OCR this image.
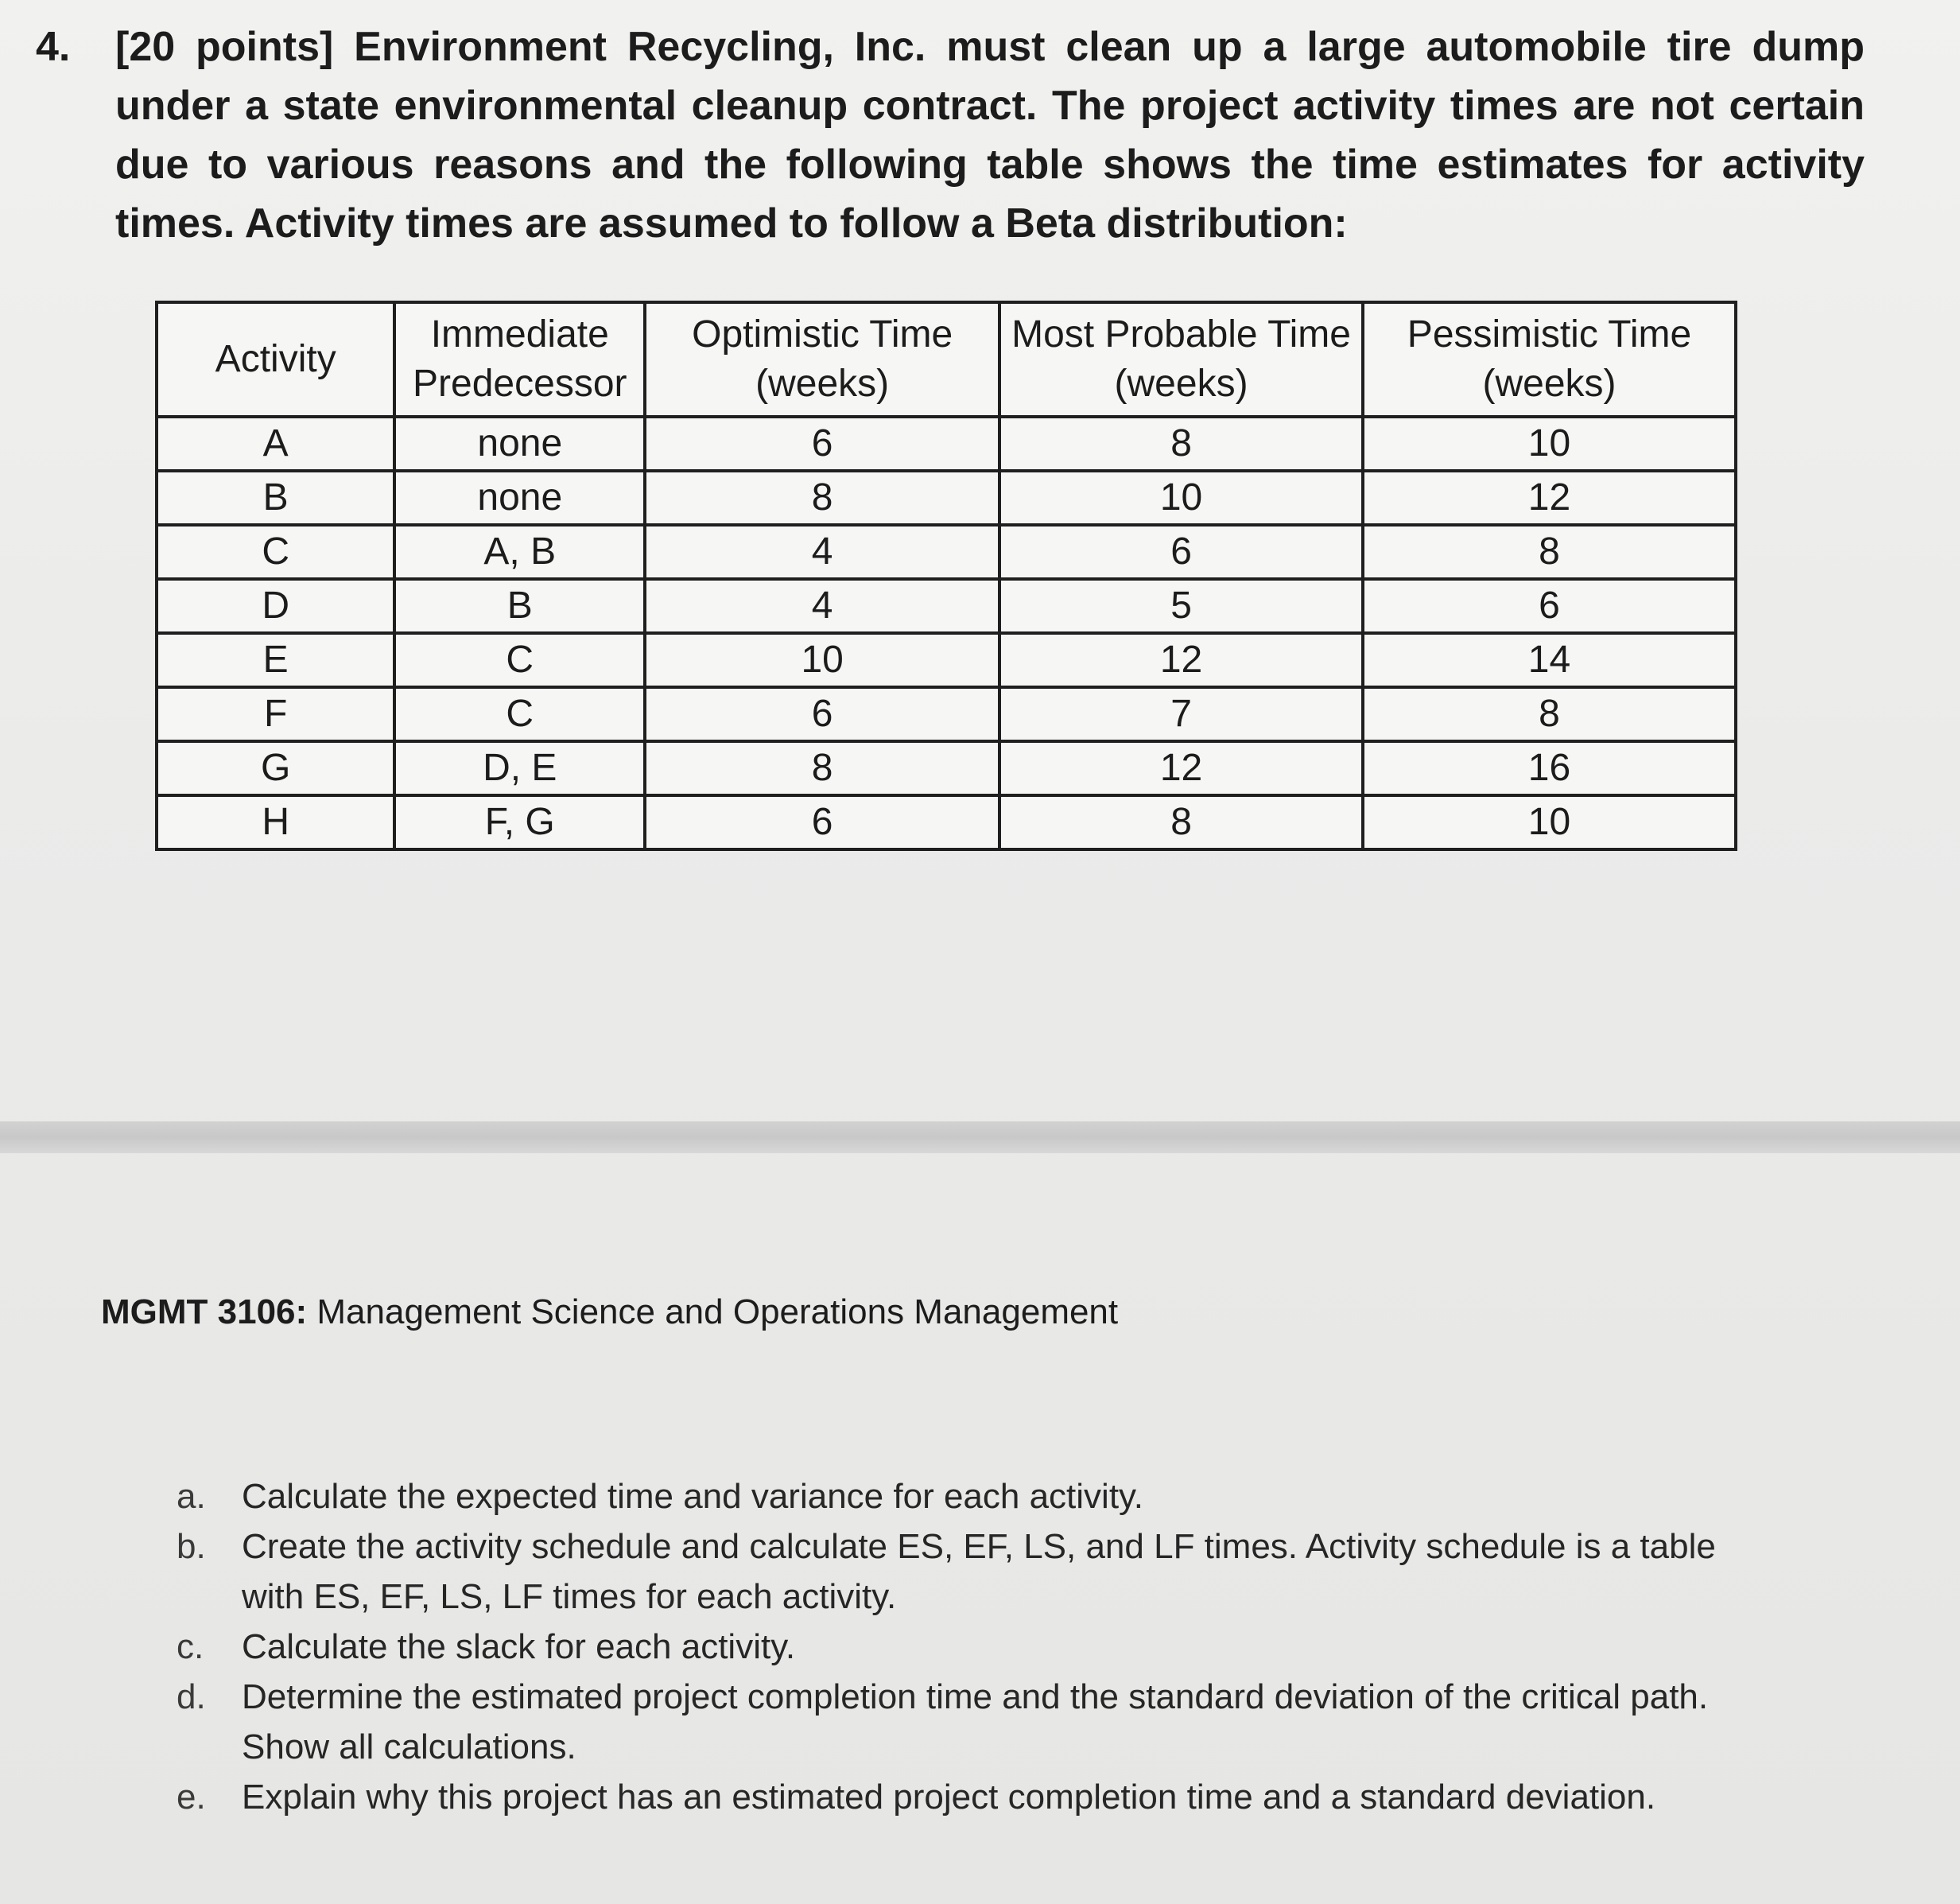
4. [20 points] Environment Recycling, Inc. must clean up a large automobile tire dump under a state environmental cleanup contract. The project activity times are not certain due to various reasons and the following table shows the time estimates for activity times. Activity times are assumed to follow a Beta distribution:
Activity	Immediate Predecessor	Optimistic Time (weeks)	Most Probable Time (weeks)	Pessimistic Time (weeks)
A	none	6	8	10
B	none	8	10	12
C	A, B	4	6	8
D	B	4	5	6
E	C	10	12	14
F	C	6	7	8
G	D, E	8	12	16
H	F, G	6	8	10
MGMT 3106: Management Science and Operations Management
a. Calculate the expected time and variance for each activity.
b. Create the activity schedule and calculate ES, EF, LS, and LF times. Activity schedule is a table with ES, EF, LS, LF times for each activity.
c. Calculate the slack for each activity.
d. Determine the estimated project completion time and the standard deviation of the critical path. Show all calculations.
e. Explain why this project has an estimated project completion time and a standard deviation.
